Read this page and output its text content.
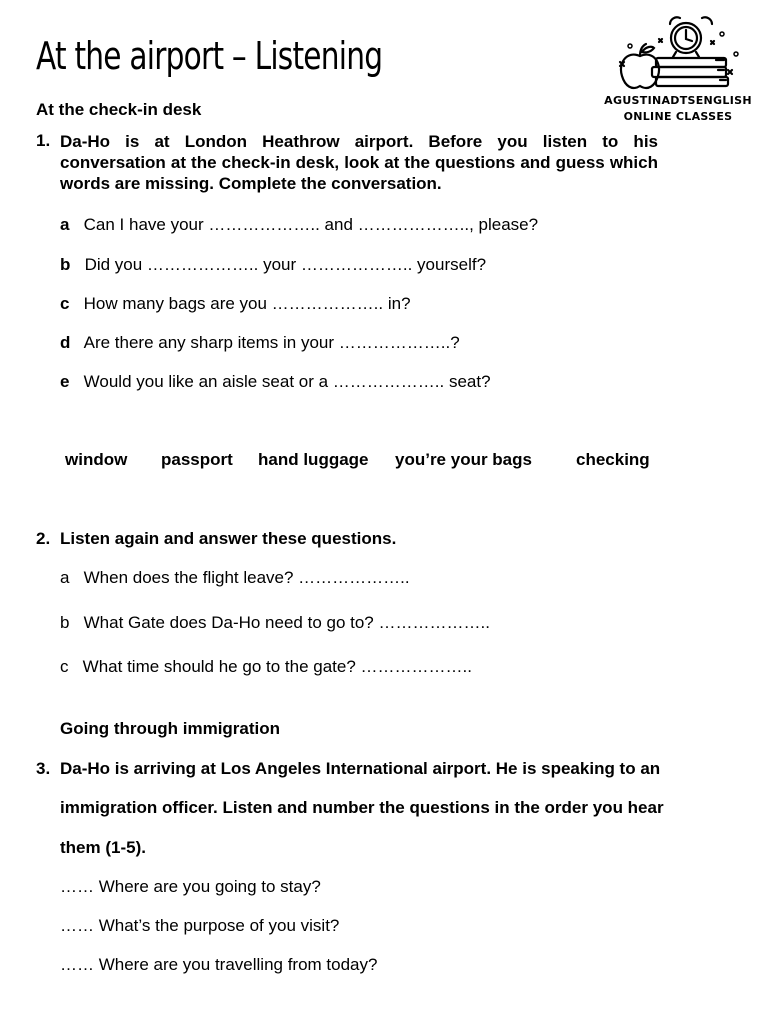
At the airport – Listening
AGUSTINADTSENGLISH
ONLINE CLASSES
At the check-in desk
1. Da-Ho is at London Heathrow airport. Before you listen to his conversation at the check-in desk, look at the questions and guess which words are missing. Complete the conversation.
a Can I have your ……………….. and ……………….., please?
b Did you ……………….. your ……………….. yourself?
c How many bags are you ……………….. in?
d Are there any sharp items in your ………………..?
e Would you like an aisle seat or a ……………….. seat?
window passport hand luggage you’re your bags	checking
2. Listen again and answer these questions.
a When does the flight leave? ………………..
b What Gate does Da-Ho need to go to? ………………..
c What time should he go to the gate? ………………..
Going through immigration
3. Da-Ho is arriving at Los Angeles International airport. He is speaking to an
immigration officer. Listen and number the questions in the order you hear
them (1-5).
…… Where are you going to stay?
…… What’s the purpose of you visit?
…… Where are you travelling from today?
